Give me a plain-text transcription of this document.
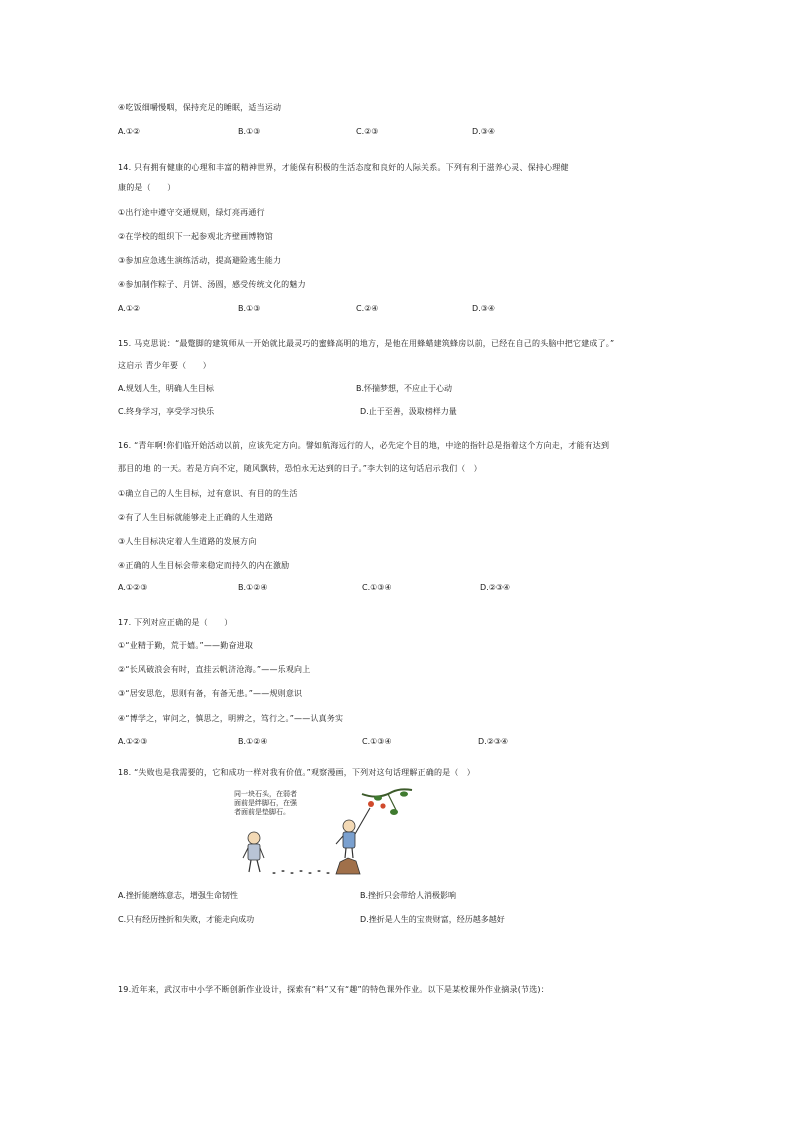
④吃饭细嚼慢咽，保持充足的睡眠，适当运动
A.①②	B.①③	C.②③	D.③④
14. 只有拥有健康的心理和丰富的精神世界，才能保有积极的生活态度和良好的人际关系。下列有利于滋养心灵、保持心理健
康的是（　　）
①出行途中遵守交通规则，绿灯亮再通行
②在学校的组织下一起参观北齐壁画博物馆
③参加应急逃生演练活动，提高避险逃生能力
④参加制作粽子、月饼、汤圆，感受传统文化的魅力
A.①②	B.①③	C.②④	D.③④
15. 马克思说：“最蹩脚的建筑师从一开始就比最灵巧的蜜蜂高明的地方，是他在用蜂蜡建筑蜂房以前，已经在自己的头脑中把它建成了。”
这启示 青少年要（　　）
A.规划人生，明确人生目标	B.怀揣梦想，不应止于心动
C.终身学习，享受学习快乐	D.止于至善，汲取榜样力量
16. “青年啊!你们临开始活动以前，应该先定方向。譬如航海远行的人，必先定个目的地，中途的指针总是指着这个方向走，才能有达到
那目的地 的一天。若是方向不定，随风飘转，恐怕永无达到的日子。”李大钊的这句话启示我们（　）
①确立自己的人生目标，过有意识、有目的的生活
②有了人生目标就能够走上正确的人生道路
③人生目标决定着人生道路的发展方向
④正确的人生目标会带来稳定而持久的内在激励
A.①②③	B.①②④	C.①③④	D.②③④
17. 下列对应正确的是（　　）
①“业精于勤，荒于嬉。”——勤奋进取
②“长风破浪会有时，直挂云帆济沧海。”——乐观向上
③“居安思危，思则有备，有备无患。”——规则意识
④“博学之，审问之，慎思之，明辨之，笃行之。”——认真务实
A.①②③	B.①②④	C.①③④	D.②③④
18. “失败也是我需要的，它和成功一样对我有价值。”观察漫画，下列对这句话理解正确的是（　）
同一块石头，在弱者
面前是绊脚石，在强
者面前是垫脚石。
A.挫折能磨练意志，增强生命韧性	B.挫折只会带给人消极影响
C.只有经历挫折和失败，才能走向成功	D.挫折是人生的宝贵财富，经历越多越好
19.近年来，武汉市中小学不断创新作业设计，探索有“料”又有“趣”的特色课外作业。以下是某校课外作业摘录(节选)：
